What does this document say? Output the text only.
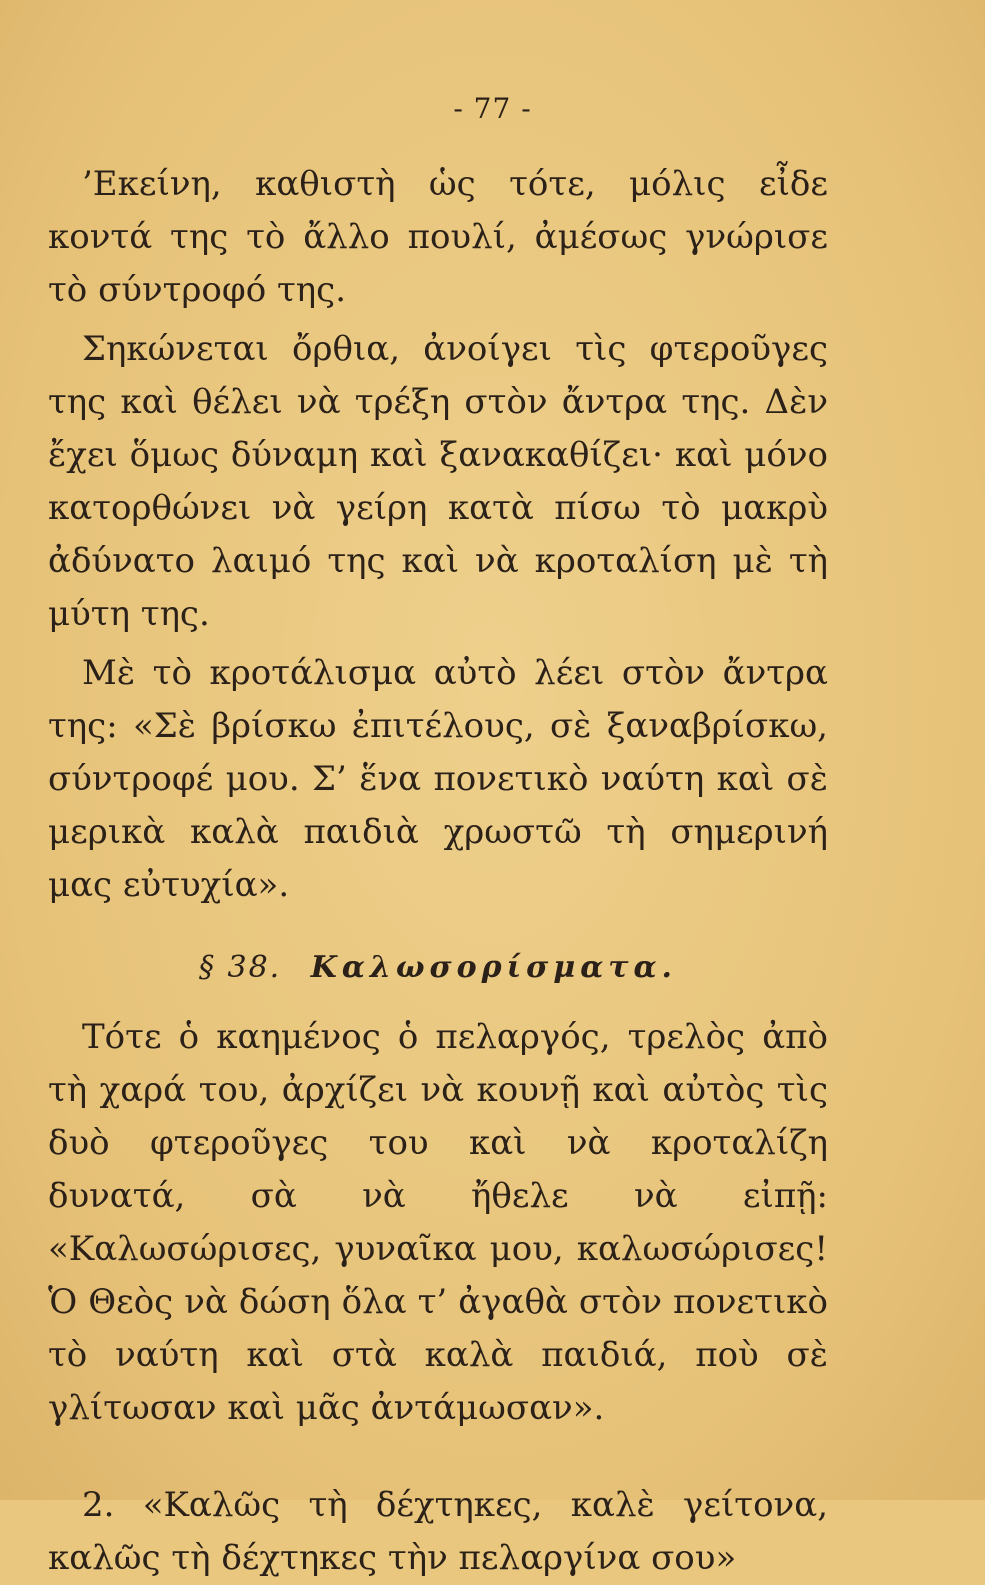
- 77 -

’Εκείνη, καθιστὴ ὡς τότε, μόλις εἶδε κοντά της τὸ ἄλλο πουλί, ἀμέσως γνώρισε τὸ σύντροφό της.

Σηκώνεται ὄρθια, ἀνοίγει τὶς φτεροῦγες της καὶ θέλει νὰ τρέξη στὸν ἄντρα της. Δὲν ἔχει ὅμως δύναμη καὶ ξανακαθίζει· καὶ μόνο κατορθώνει νὰ γείρη κατὰ πίσω τὸ μακρὺ ἀδύνατο λαιμό της καὶ νὰ κροταλίση μὲ τὴ μύτη της.

Μὲ τὸ κροτάλισμα αὐτὸ λέει στὸν ἄντρα της: «Σὲ βρίσκω ἐπιτέλους, σὲ ξαναβρίσκω, σύντροφέ μου. Σ’ ἕνα πονετικὸ ναύτη καὶ σὲ μερικὰ καλὰ παιδιὰ χρωστῶ τὴ σημερινή μας εὐτυχία».

§ 38. Καλωσορίσματα.

Τότε ὁ καημένος ὁ πελαργός, τρελὸς ἀπὸ τὴ χαρά του, ἀρχίζει νὰ κουνῇ καὶ αὐτὸς τὶς δυὸ φτεροῦγες του καὶ νὰ κροταλίζη δυνατά, σὰ νὰ ἤθελε νὰ εἰπῇ: «Καλωσώρισες, γυναῖκα μου, καλωσώρισες! Ὁ Θεὸς νὰ δώση ὅλα τ’ ἀγαθὰ στὸν πονετικὸ τὸ ναύτη καὶ στὰ καλὰ παιδιά, ποὺ σὲ γλίτωσαν καὶ μᾶς ἀντάμωσαν».

2. «Καλῶς τὴ δέχτηκες, καλὲ γείτονα, καλῶς τὴ δέχτηκες τὴν πελαργίνα σου»
